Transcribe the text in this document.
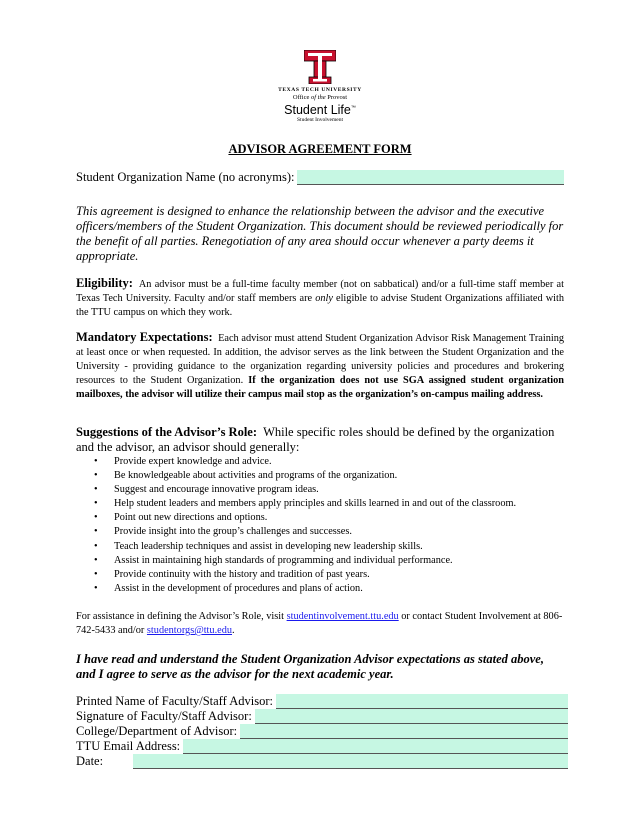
TEXAS TECH UNIVERSITY
Office of the Provost
Student Life™
Student Involvement
ADVISOR AGREEMENT FORM
Student Organization Name (no acronyms):
This agreement is designed to enhance the relationship between the advisor and the executive officers/members of the Student Organization. This document should be reviewed periodically for the benefit of all parties. Renegotiation of any area should occur whenever a party deems it appropriate.
Eligibility: An advisor must be a full-time faculty member (not on sabbatical) and/or a full-time staff member at Texas Tech University. Faculty and/or staff members are only eligible to advise Student Organizations affiliated with the TTU campus on which they work.
Mandatory Expectations: Each advisor must attend Student Organization Advisor Risk Management Training at least once or when requested. In addition, the advisor serves as the link between the Student Organization and the University - providing guidance to the organization regarding university policies and procedures and brokering resources to the Student Organization. If the organization does not use SGA assigned student organization mailboxes, the advisor will utilize their campus mail stop as the organization’s on-campus mailing address.
Suggestions of the Advisor’s Role: While specific roles should be defined by the organization and the advisor, an advisor should generally:
• Provide expert knowledge and advice.
• Be knowledgeable about activities and programs of the organization.
• Suggest and encourage innovative program ideas.
• Help student leaders and members apply principles and skills learned in and out of the classroom.
• Point out new directions and options.
• Provide insight into the group’s challenges and successes.
• Teach leadership techniques and assist in developing new leadership skills.
• Assist in maintaining high standards of programming and individual performance.
• Provide continuity with the history and tradition of past years.
• Assist in the development of procedures and plans of action.
For assistance in defining the Advisor’s Role, visit studentinvolvement.ttu.edu or contact Student Involvement at 806-742-5433 and/or studentorgs@ttu.edu.
I have read and understand the Student Organization Advisor expectations as stated above, and I agree to serve as the advisor for the next academic year.
Printed Name of Faculty/Staff Advisor:
Signature of Faculty/Staff Advisor:
College/Department of Advisor:
TTU Email Address:
Date:
